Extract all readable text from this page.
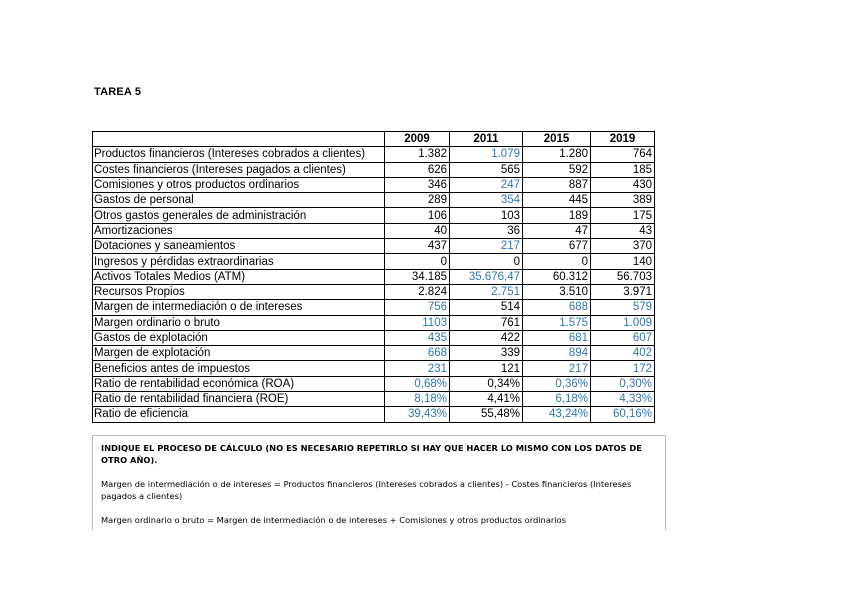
TAREA 5
	2009	2011	2015	2019
Productos financieros (Intereses cobrados a clientes)	1.382	1.079	1.280	764
Costes financieros (Intereses pagados a clientes)	626	565	592	185
Comisiones y otros productos ordinarios	346	247	887	430
Gastos de personal	289	354	445	389
Otros gastos generales de administración	106	103	189	175
Amortizaciones	40	36	47	43
Dotaciones y saneamientos	437	217	677	370
Ingresos y pérdidas extraordinarias	0	0	0	140
Activos Totales Medios (ATM)	34.185	35.676,47	60.312	56.703
Recursos Propios	2.824	2.751	3.510	3.971
Margen de intermediación o de intereses	756	514	688	579
Margen ordinario o bruto	1103	761	1.575	1.009
Gastos de explotación	435	422	681	607
Margen de explotación	668	339	894	402
Beneficios antes de impuestos	231	121	217	172
Ratio de rentabilidad económica (ROA)	0,68%	0,34%	0,36%	0,30%
Ratio de rentabilidad financiera (ROE)	8,18%	4,41%	6,18%	4,33%
Ratio de eficiencia	39,43%	55,48%	43,24%	60,16%

INDIQUE EL PROCESO DE CÁLCULO (NO ES NECESARIO REPETIRLO SI HAY QUE HACER LO MISMO CON LOS DATOS DE OTRO AÑO).

Margen de intermediación o de intereses = Productos financieros (Intereses cobrados a clientes) - Costes financieros (Intereses pagados a clientes)

Margen ordinario o bruto = Margen de intermediación o de intereses + Comisiones y otros productos ordinarios
